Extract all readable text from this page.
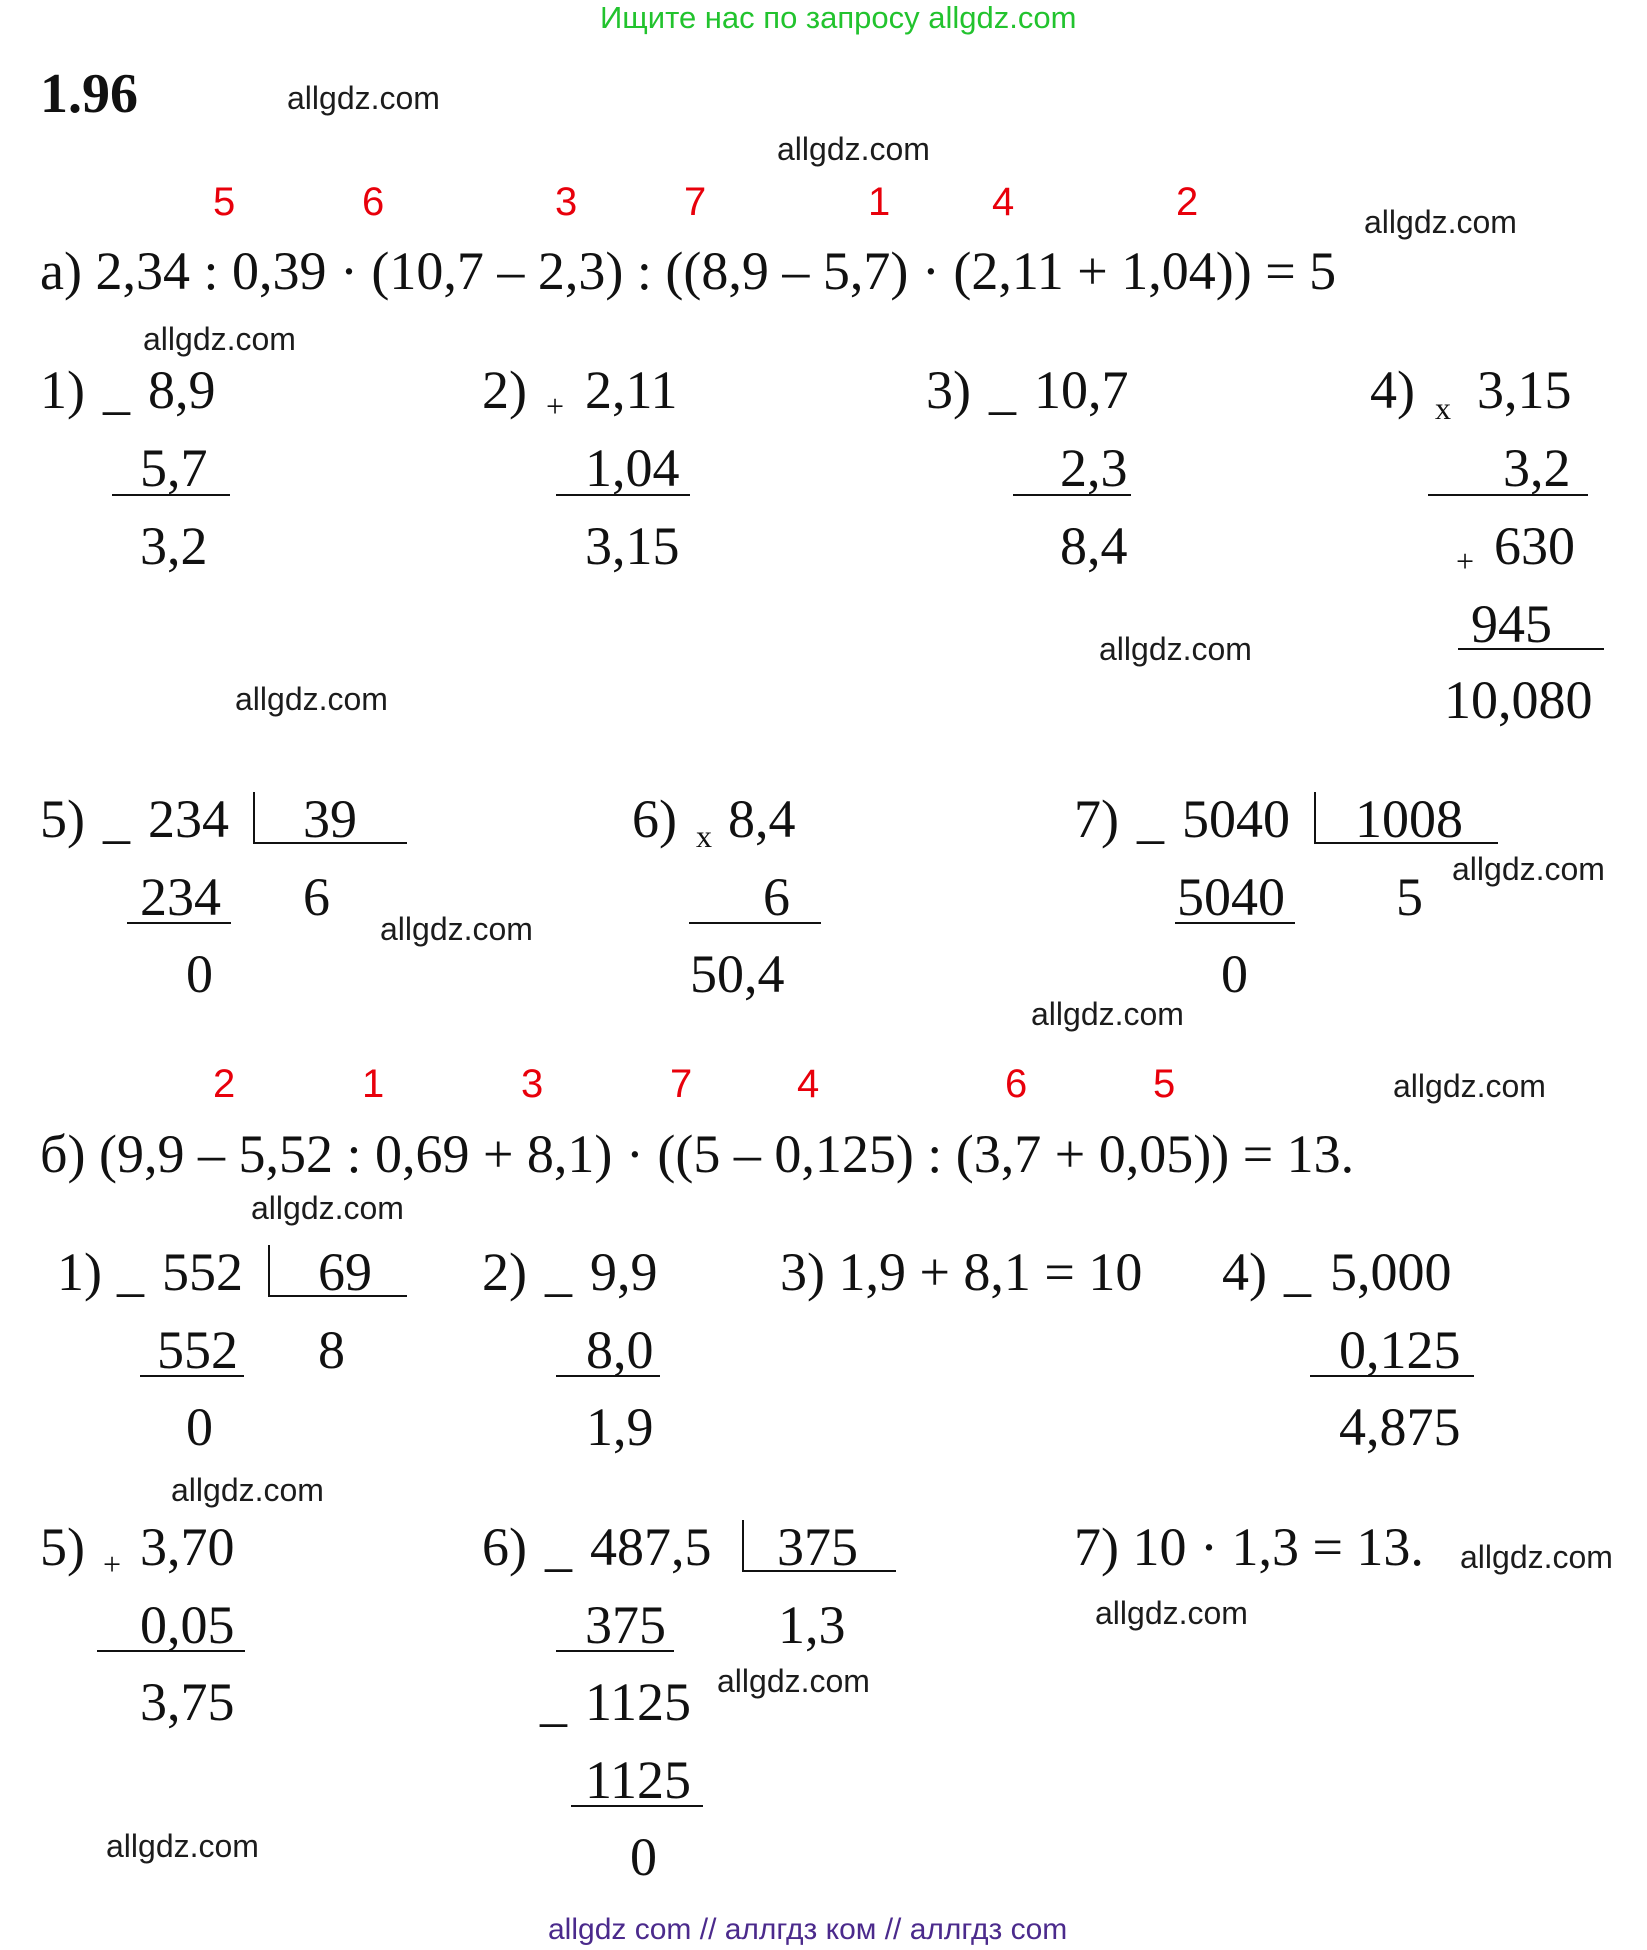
Ищите нас по запросу allgdz.com
1.96	allgdz.com
allgdz.com
allgdz.com
allgdz.com
allgdz.com
allgdz.com
allgdz.com
allgdz.com
allgdz.com
allgdz.com
allgdz.com
allgdz.com
allgdz.com
allgdz.com
allgdz.com
allgdz.com
5	6	3	7	1	4	2
а) 2,34 : 0,39 · (10,7 – 2,3) : ((8,9 – 5,7) · (2,11 + 1,04)) = 5
1) _ 8,9
5,7
3,2
2) + 2,11
1,04
3,15
3) _ 10,7
2,3
8,4
4) x 3,15
3,2
+ 630
945
10,080
5) _ 234 39
234 6
0
6) x 8,4
6
50,4
7) _ 5040 1008
5040 5
0
2	1	3	7	4	6	5
б) (9,9 – 5,52 : 0,69 + 8,1) · ((5 – 0,125) : (3,7 + 0,05)) = 13.
1) _ 552 69
552 8
0
2) _ 9,9
8,0
1,9
3) 1,9 + 8,1 = 10 4) _ 5,000
0,125
4,875
5) + 3,70
0,05
3,75
6) _ 487,5 375
375 1,3
_ 1125
1125
0
7) 10 · 1,3 = 13.
allgdz com // аллгдз ком // аллгдз com
